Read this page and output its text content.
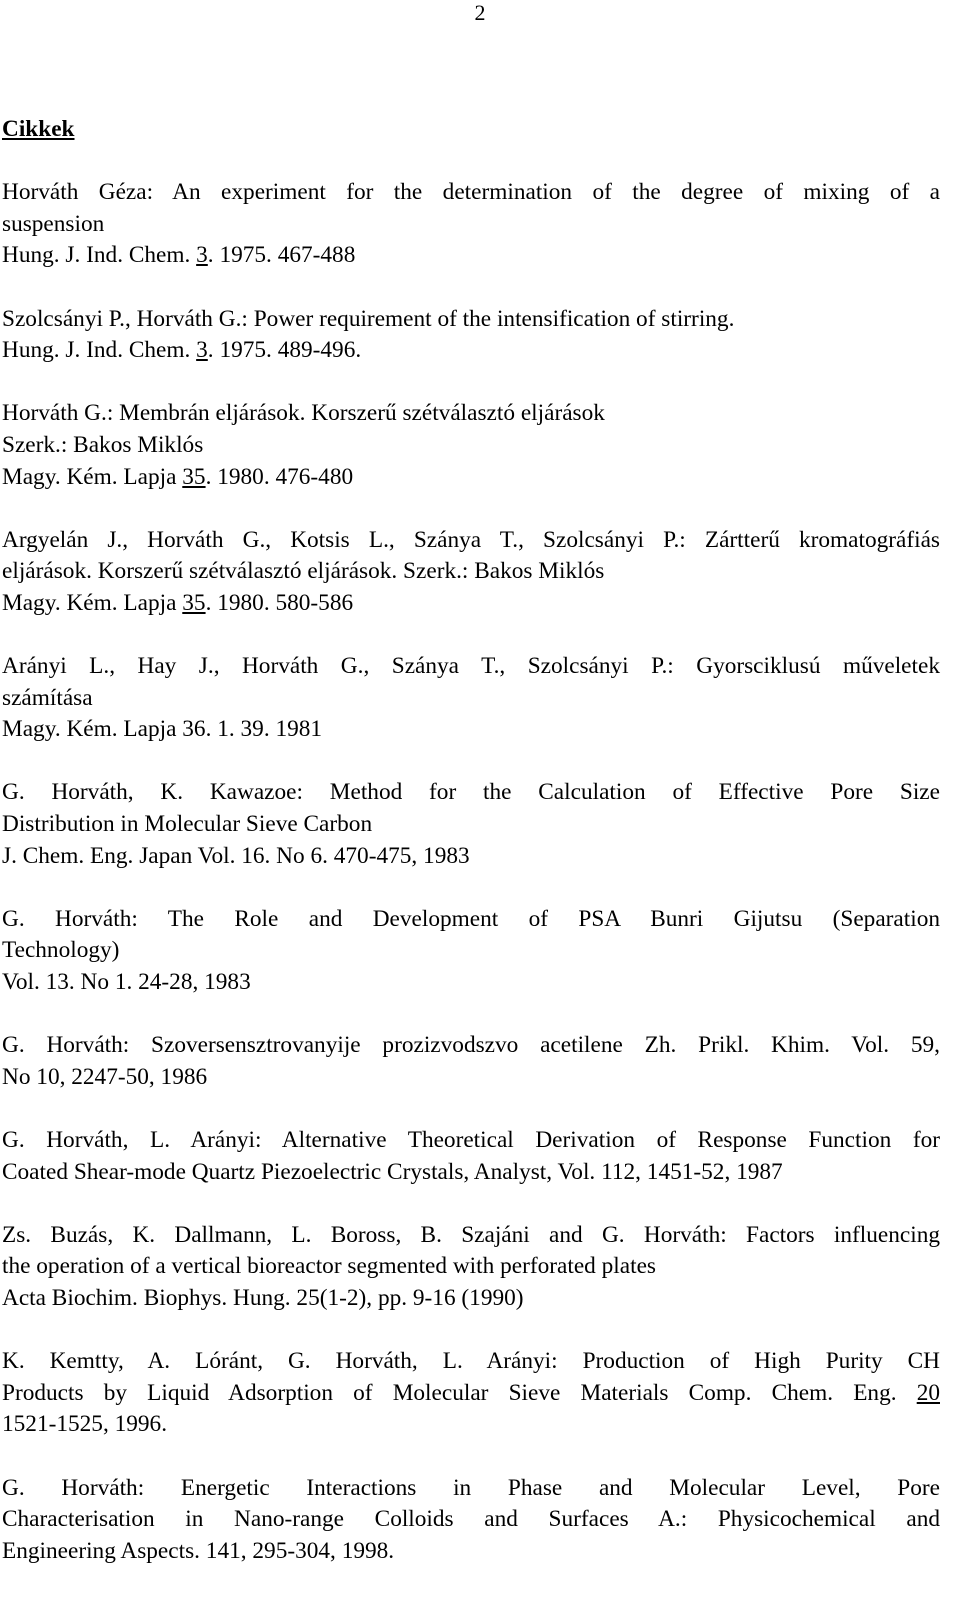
2
Cikkek
Horváth Géza: An experiment for the determination of the degree of mixing of a
suspension
Hung. J. Ind. Chem. 3. 1975. 467-488
Szolcsányi P., Horváth G.: Power requirement of the intensification of stirring.
Hung. J. Ind. Chem. 3. 1975. 489-496.
Horváth G.: Membrán eljárások. Korszerű szétválasztó eljárások
Szerk.: Bakos Miklós
Magy. Kém. Lapja 35. 1980. 476-480
Argyelán J., Horváth G., Kotsis L., Szánya T., Szolcsányi P.: Zártterű kromatográfiás
eljárások. Korszerű szétválasztó eljárások. Szerk.: Bakos Miklós
Magy. Kém. Lapja 35. 1980. 580-586
Arányi L., Hay J., Horváth G., Szánya T., Szolcsányi P.: Gyorsciklusú műveletek
számítása
Magy. Kém. Lapja 36. 1. 39. 1981
G. Horváth, K. Kawazoe: Method for the Calculation of Effective Pore Size
Distribution in Molecular Sieve Carbon
J. Chem. Eng. Japan Vol. 16. No 6. 470-475, 1983
G. Horváth: The Role and Development of PSA Bunri Gijutsu (Separation
Technology)
Vol. 13. No 1. 24-28, 1983
G. Horváth: Szoversensztrovanyije prozizvodszvo acetilene Zh. Prikl. Khim. Vol. 59,
No 10, 2247-50, 1986
G. Horváth, L. Arányi: Alternative Theoretical Derivation of Response Function for
Coated Shear-mode Quartz Piezoelectric Crystals, Analyst, Vol. 112, 1451-52, 1987
Zs. Buzás, K. Dallmann, L. Boross, B. Szajáni and G. Horváth: Factors influencing
the operation of a vertical bioreactor segmented with perforated plates
Acta Biochim. Biophys. Hung. 25(1-2), pp. 9-16 (1990)
K. Kemtty, A. Lóránt, G. Horváth, L. Arányi: Production of High Purity CH
Products by Liquid Adsorption of Molecular Sieve Materials Comp. Chem. Eng. 20
1521-1525, 1996.
G. Horváth: Energetic Interactions in Phase and Molecular Level, Pore
Characterisation in Nano-range Colloids and Surfaces A.: Physicochemical and
Engineering Aspects. 141, 295-304, 1998.
